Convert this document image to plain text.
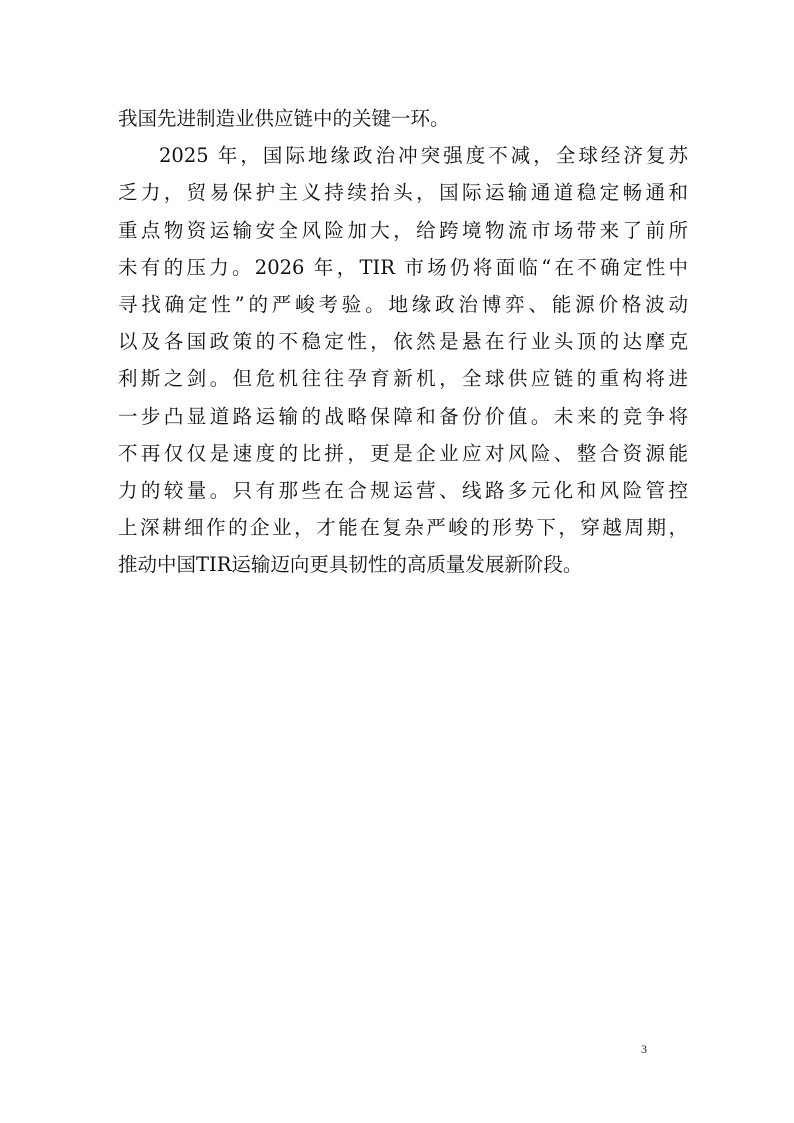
我国先进制造业供应链中的关键一环。
2025 年，国际地缘政治冲突强度不减，全球经济复苏
乏力，贸易保护主义持续抬头，国际运输通道稳定畅通和
重点物资运输安全风险加大，给跨境物流市场带来了前所
未有的压力。2026 年，TIR 市场仍将面临“在不确定性中
寻找确定性”的严峻考验。地缘政治博弈、能源价格波动
以及各国政策的不稳定性，依然是悬在行业头顶的达摩克
利斯之剑。但危机往往孕育新机，全球供应链的重构将进
一步凸显道路运输的战略保障和备份价值。未来的竞争将
不再仅仅是速度的比拼，更是企业应对风险、整合资源能
力的较量。只有那些在合规运营、线路多元化和风险管控
上深耕细作的企业，才能在复杂严峻的形势下，穿越周期，
推动中国TIR运输迈向更具韧性的高质量发展新阶段。
3
